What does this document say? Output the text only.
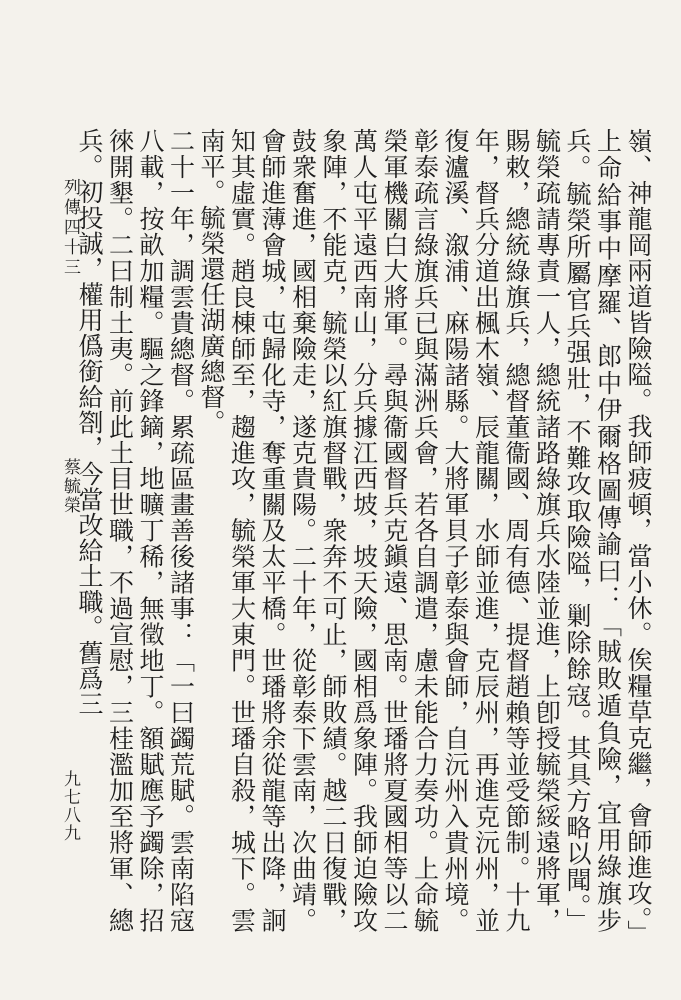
嶺、神龍岡兩道皆險隘。我師疲頓，當小休。俟糧草克繼，會師進攻。」上命給事中摩羅、郎中伊爾格圖傳諭曰：「賊敗遁負險，宜用綠旗步兵。毓榮所屬官兵强壯，不難攻取險隘，剿除餘寇。其具方略以聞。」毓榮疏請專責一人，總統諸路綠旗兵水陸並進，上卽授毓榮綏遠將軍，賜敕，總統綠旗兵，總督董衞國、周有德、提督趙賴等並受節制。十九年，督兵分道出楓木嶺、辰龍關，水師並進，克辰州，再進克沅州，並復瀘溪、溆浦、麻陽諸縣。大將軍貝子彰泰與會師，自沅州入貴州境。彰泰疏言綠旗兵已與滿洲兵會，若各自調遣，慮未能合力奏功。上命毓榮軍機關白大將軍。尋與衞國督兵克鎭遠、思南。世璠將夏國相等以二萬人屯平遠西南山，分兵據江西坡，坡天險，國相爲象陣。我師迫險攻象陣，不能克，毓榮以紅旗督戰，衆奔不可止，師敗績。越二日復戰，鼓衆奮進，國相棄險走，遂克貴陽。二十年，從彰泰下雲南，次曲靖。會師進薄會城，屯歸化寺，奪重關及太平橋。世璠將余從龍等出降，詗知其虛實。趙良棟師至，趨進攻，毓榮軍大東門。世璠自殺，城下。雲南平。毓榮還任湖廣總督。

二十一年，調雲貴總督。累疏區畫善後諸事：「一曰蠲荒賦。雲南陷寇八載，按畝加糧。驅之鋒鏑，地曠丁稀，無徵地丁。額賦應予蠲除，招徠開墾。二曰制土夷。前此土目世職，不過宣慰，三桂濫加至將軍、總兵。初投誠，權用僞銜給劄，今當改給土職。舊爲三

列傳四十三
蔡毓榮
九七八九
